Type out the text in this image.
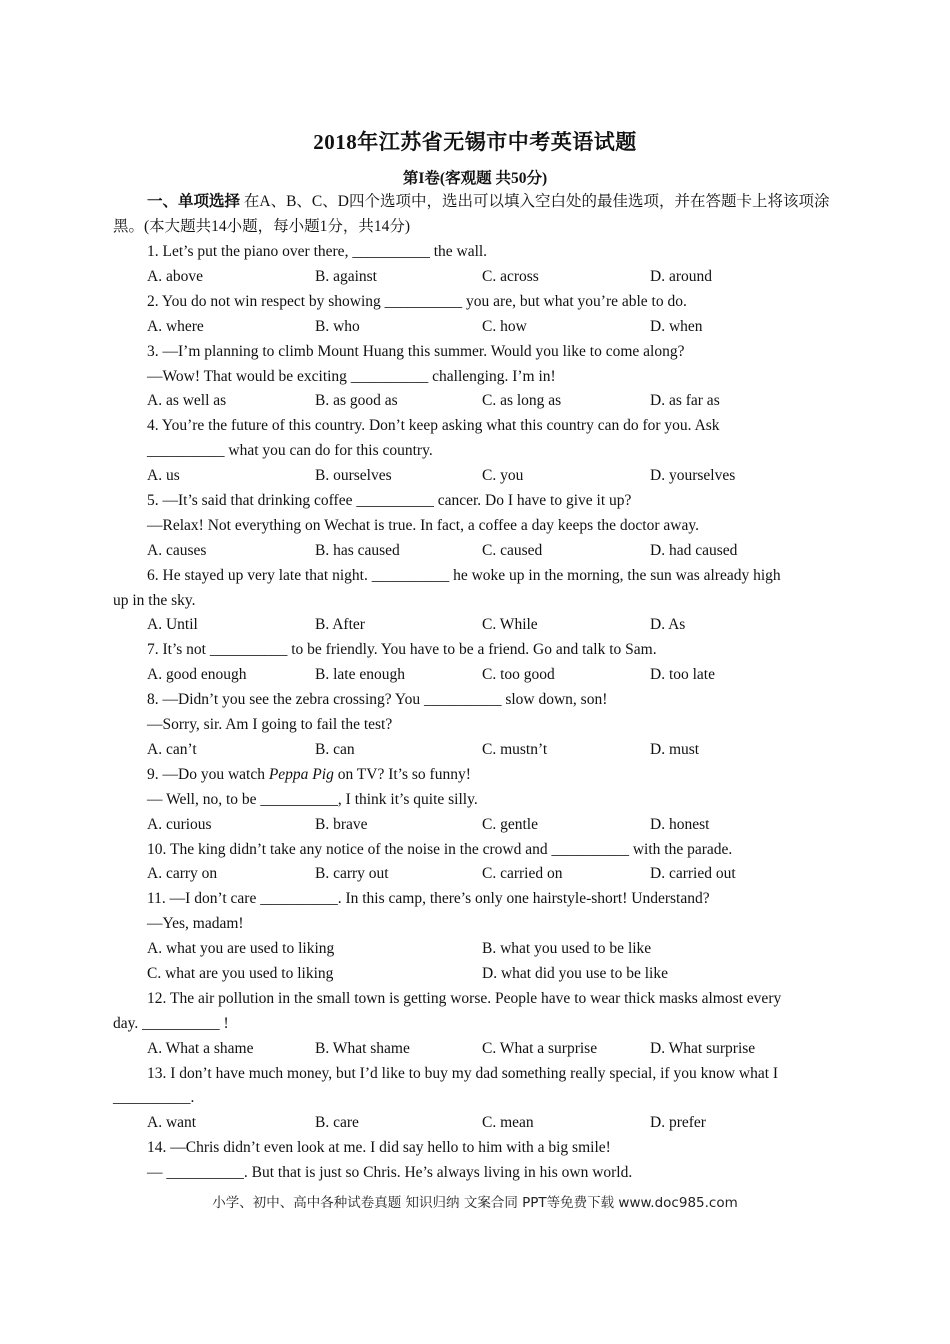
2018年江苏省无锡市中考英语试题
第I卷(客观题 共50分)
一、单项选择 在A、B、C、D四个选项中，选出可以填入空白处的最佳选项，并在答题卡上将该项涂黑。(本大题共14小题，每小题1分，共14分)
1. Let’s put the piano over there, __________ the wall.
A. above	B. against	C. across	D. around
2. You do not win respect by showing __________ you are, but what you’re able to do.
A. where	B. who	C. how	D. when
3. —I’m planning to climb Mount Huang this summer. Would you like to come along?
—Wow! That would be exciting __________ challenging. I’m in!
A. as well as	B. as good as	C. as long as	D. as far as
4. You’re the future of this country. Don’t keep asking what this country can do for you. Ask
__________ what you can do for this country.
A. us	B. ourselves	C. you	D. yourselves
5. —It’s said that drinking coffee __________ cancer. Do I have to give it up?
—Relax! Not everything on Wechat is true. In fact, a coffee a day keeps the doctor away.
A. causes	B. has caused	C. caused	D. had caused
6. He stayed up very late that night. __________ he woke up in the morning, the sun was already high
up in the sky.
A. Until	B. After	C. While	D. As
7. It’s not __________ to be friendly. You have to be a friend. Go and talk to Sam.
A. good enough	B. late enough	C. too good	D. too late
8. —Didn’t you see the zebra crossing? You __________ slow down, son!
—Sorry, sir. Am I going to fail the test?
A. can’t	B. can	C. mustn’t	D. must
9. —Do you watch Peppa Pig on TV? It’s so funny!
— Well, no, to be __________, I think it’s quite silly.
A. curious	B. brave	C. gentle	D. honest
10. The king didn’t take any notice of the noise in the crowd and __________ with the parade.
A. carry on	B. carry out	C. carried on	D. carried out
11. —I don’t care __________. In this camp, there’s only one hairstyle-short! Understand?
—Yes, madam!
A. what you are used to liking	B. what you used to be like
C. what are you used to liking	D. what did you use to be like
12. The air pollution in the small town is getting worse. People have to wear thick masks almost every
day. __________ !
A. What a shame	B. What shame	C. What a surprise	D. What surprise
13. I don’t have much money, but I’d like to buy my dad something really special, if you know what I
__________.
A. want	B. care	C. mean	D. prefer
14. —Chris didn’t even look at me. I did say hello to him with a big smile!
— __________. But that is just so Chris. He’s always living in his own world.
小学、初中、高中各种试卷真题 知识归纳 文案合同 PPT等免费下载 www.doc985.com
